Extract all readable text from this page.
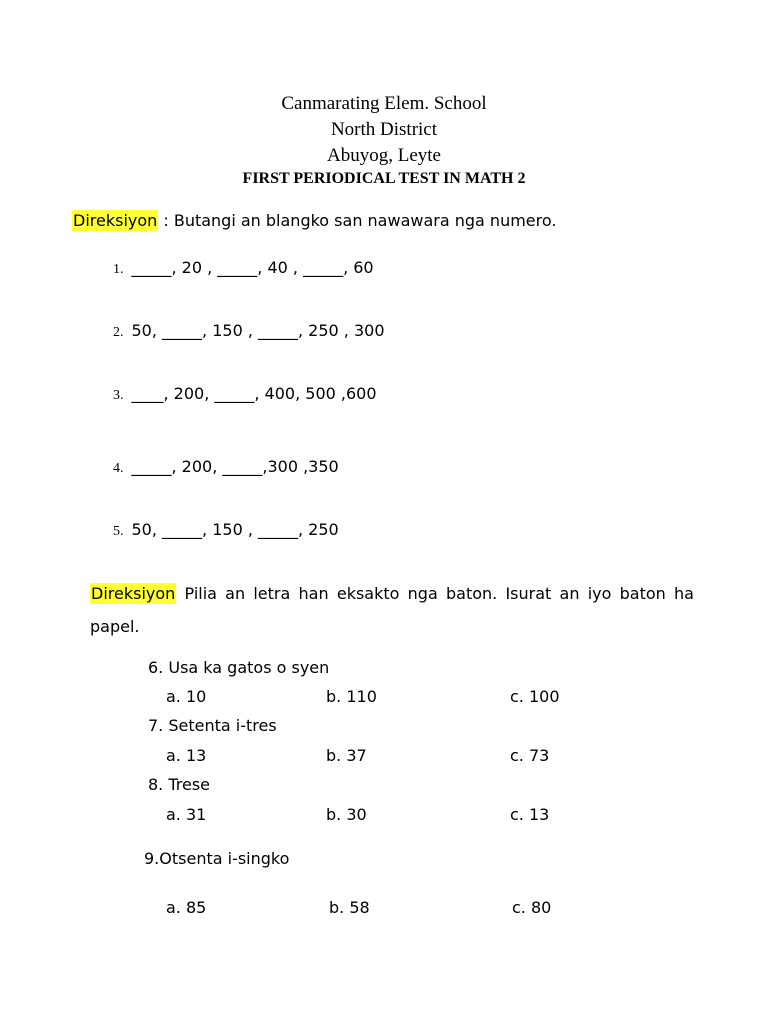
Canmarating Elem. School
North District
Abuyog, Leyte
FIRST PERIODICAL TEST IN MATH 2
Direksiyon : Butangi an blangko san nawawara nga numero.
1. _____, 20 , _____, 40 , _____, 60
2. 50, _____, 150 , _____, 250 , 300
3. ____, 200, _____, 400, 500 ,600
4. _____, 200, _____,300 ,350
5. 50, _____, 150 , _____, 250
Direksiyon Pilia an letra han eksakto nga baton. Isurat an iyo baton ha
papel.
6. Usa ka gatos o syen
a. 10	b. 110	c. 100
7. Setenta i-tres
a. 13	b. 37	c. 73
8. Trese
a. 31	b. 30	c. 13
9.Otsenta i-singko
a. 85	b. 58	c. 80
